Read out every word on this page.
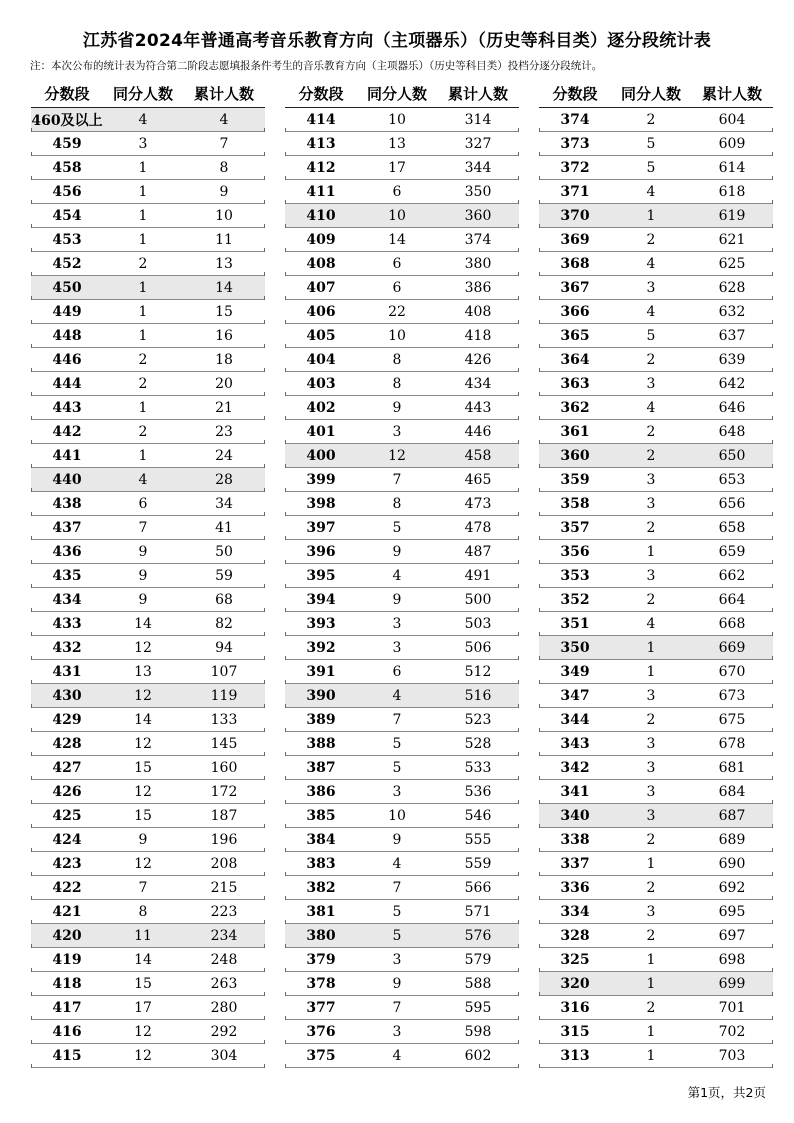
江苏省2024年普通高考音乐教育方向（主项器乐）（历史等科目类）逐分段统计表
注：本次公布的统计表为符合第二阶段志愿填报条件考生的音乐教育方向（主项器乐）（历史等科目类）投档分逐分段统计。
分数段	同分人数	累计人数
460及以上	4	4
459	3	7
458	1	8
456	1	9
454	1	10
453	1	11
452	2	13
450	1	14
449	1	15
448	1	16
446	2	18
444	2	20
443	1	21
442	2	23
441	1	24
440	4	28
438	6	34
437	7	41
436	9	50
435	9	59
434	9	68
433	14	82
432	12	94
431	13	107
430	12	119
429	14	133
428	12	145
427	15	160
426	12	172
425	15	187
424	9	196
423	12	208
422	7	215
421	8	223
420	11	234
419	14	248
418	15	263
417	17	280
416	12	292
415	12	304
分数段	同分人数	累计人数
414	10	314
413	13	327
412	17	344
411	6	350
410	10	360
409	14	374
408	6	380
407	6	386
406	22	408
405	10	418
404	8	426
403	8	434
402	9	443
401	3	446
400	12	458
399	7	465
398	8	473
397	5	478
396	9	487
395	4	491
394	9	500
393	3	503
392	3	506
391	6	512
390	4	516
389	7	523
388	5	528
387	5	533
386	3	536
385	10	546
384	9	555
383	4	559
382	7	566
381	5	571
380	5	576
379	3	579
378	9	588
377	7	595
376	3	598
375	4	602
分数段	同分人数	累计人数
374	2	604
373	5	609
372	5	614
371	4	618
370	1	619
369	2	621
368	4	625
367	3	628
366	4	632
365	5	637
364	2	639
363	3	642
362	4	646
361	2	648
360	2	650
359	3	653
358	3	656
357	2	658
356	1	659
353	3	662
352	2	664
351	4	668
350	1	669
349	1	670
347	3	673
344	2	675
343	3	678
342	3	681
341	3	684
340	3	687
338	2	689
337	1	690
336	2	692
334	3	695
328	2	697
325	1	698
320	1	699
316	2	701
315	1	702
313	1	703
第1页，共2页
